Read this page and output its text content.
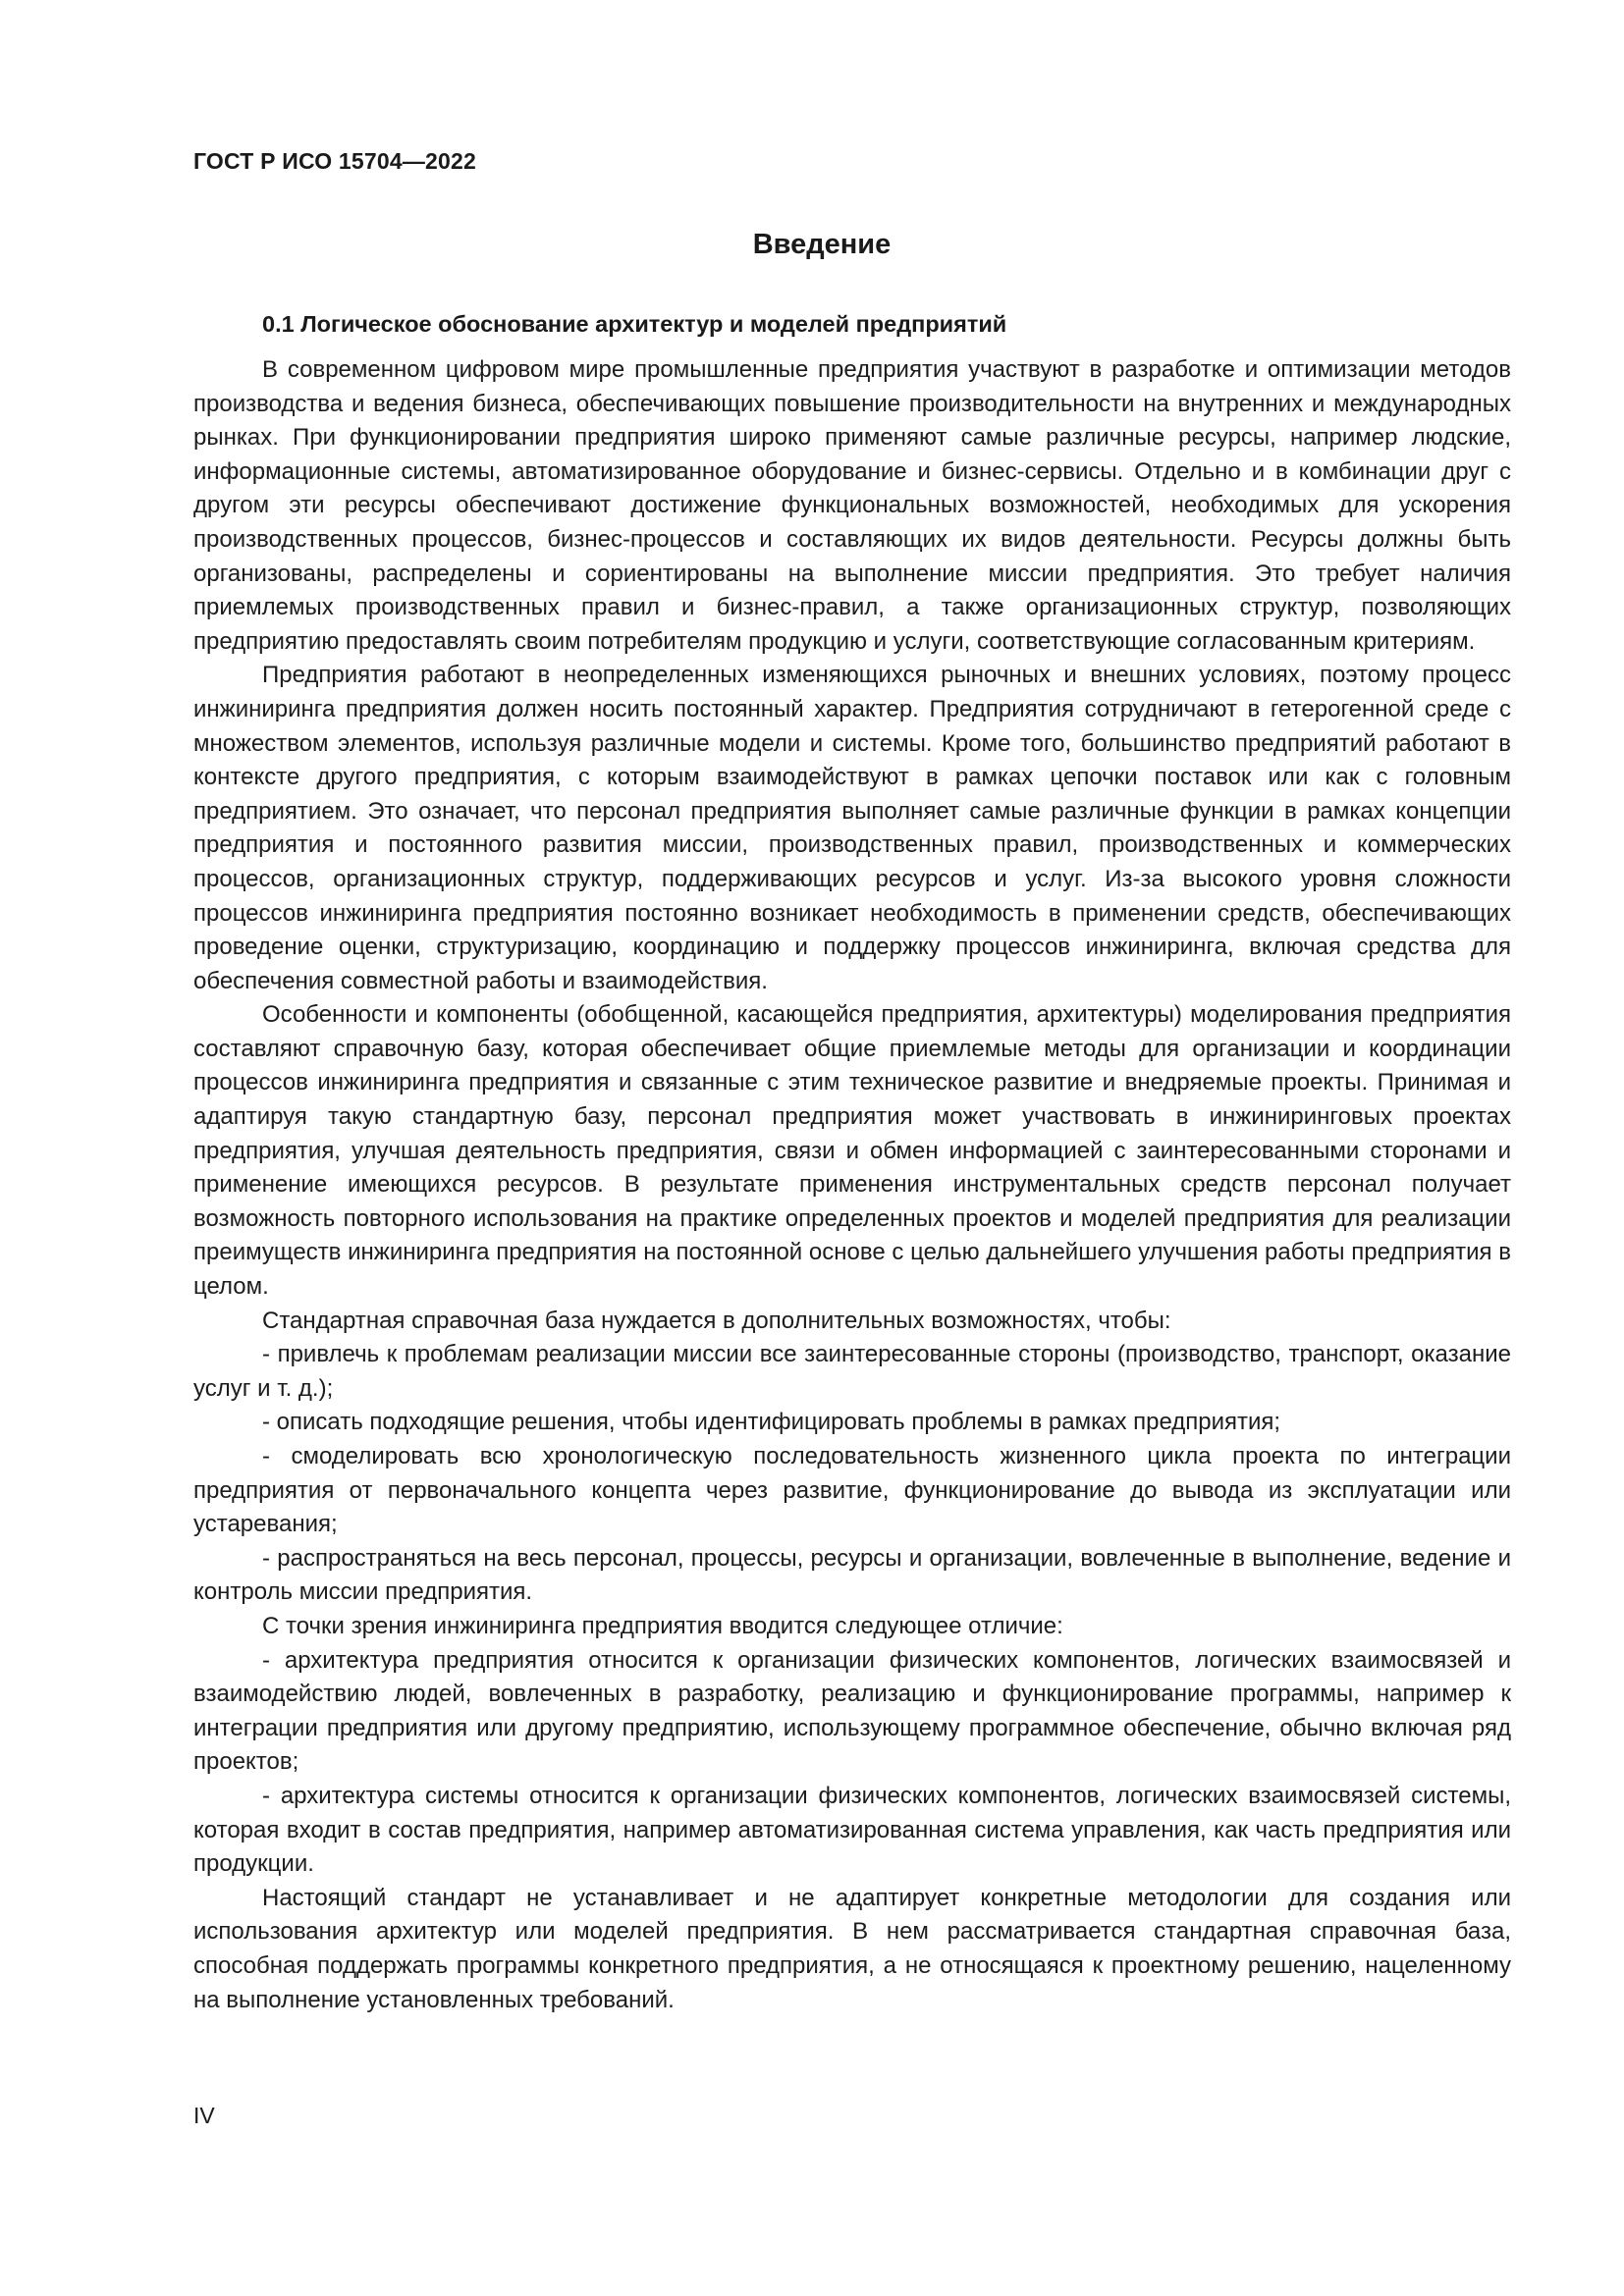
ГОСТ Р ИСО 15704—2022
Введение
0.1 Логическое обоснование архитектур и моделей предприятий

В современном цифровом мире промышленные предприятия участвуют в разработке и оптимизации методов производства и ведения бизнеса, обеспечивающих повышение производительности на внутренних и международных рынках. При функционировании предприятия широко применяют самые различные ресурсы, например людские, информационные системы, автоматизированное оборудование и бизнес-сервисы. Отдельно и в комбинации друг с другом эти ресурсы обеспечивают достижение функциональных возможностей, необходимых для ускорения производственных процессов, бизнес-процессов и составляющих их видов деятельности. Ресурсы должны быть организованы, распределены и сориентированы на выполнение миссии предприятия. Это требует наличия приемлемых производственных правил и бизнес-правил, а также организационных структур, позволяющих предприятию предоставлять своим потребителям продукцию и услуги, соответствующие согласованным критериям.

Предприятия работают в неопределенных изменяющихся рыночных и внешних условиях, поэтому процесс инжиниринга предприятия должен носить постоянный характер. Предприятия сотрудничают в гетерогенной среде с множеством элементов, используя различные модели и системы. Кроме того, большинство предприятий работают в контексте другого предприятия, с которым взаимодействуют в рамках цепочки поставок или как с головным предприятием. Это означает, что персонал предприятия выполняет самые различные функции в рамках концепции предприятия и постоянного развития миссии, производственных правил, производственных и коммерческих процессов, организационных структур, поддерживающих ресурсов и услуг. Из-за высокого уровня сложности процессов инжиниринга предприятия постоянно возникает необходимость в применении средств, обеспечивающих проведение оценки, структуризацию, координацию и поддержку процессов инжиниринга, включая средства для обеспечения совместной работы и взаимодействия.

Особенности и компоненты (обобщенной, касающейся предприятия, архитектуры) моделирования предприятия составляют справочную базу, которая обеспечивает общие приемлемые методы для организации и координации процессов инжиниринга предприятия и связанные с этим техническое развитие и внедряемые проекты. Принимая и адаптируя такую стандартную базу, персонал предприятия может участвовать в инжиниринговых проектах предприятия, улучшая деятельность предприятия, связи и обмен информацией с заинтересованными сторонами и применение имеющихся ресурсов. В результате применения инструментальных средств персонал получает возможность повторного использования на практике определенных проектов и моделей предприятия для реализации преимуществ инжиниринга предприятия на постоянной основе с целью дальнейшего улучшения работы предприятия в целом.

Стандартная справочная база нуждается в дополнительных возможностях, чтобы:

- привлечь к проблемам реализации миссии все заинтересованные стороны (производство, транспорт, оказание услуг и т. д.);

- описать подходящие решения, чтобы идентифицировать проблемы в рамках предприятия;

- смоделировать всю хронологическую последовательность жизненного цикла проекта по интеграции предприятия от первоначального концепта через развитие, функционирование до вывода из эксплуатации или устаревания;

- распространяться на весь персонал, процессы, ресурсы и организации, вовлеченные в выполнение, ведение и контроль миссии предприятия.

С точки зрения инжиниринга предприятия вводится следующее отличие:

- архитектура предприятия относится к организации физических компонентов, логических взаимосвязей и взаимодействию людей, вовлеченных в разработку, реализацию и функционирование программы, например к интеграции предприятия или другому предприятию, использующему программное обеспечение, обычно включая ряд проектов;

- архитектура системы относится к организации физических компонентов, логических взаимосвязей системы, которая входит в состав предприятия, например автоматизированная система управления, как часть предприятия или продукции.

Настоящий стандарт не устанавливает и не адаптирует конкретные методологии для создания или использования архитектур или моделей предприятия. В нем рассматривается стандартная справочная база, способная поддержать программы конкретного предприятия, а не относящаяся к проектному решению, нацеленному на выполнение установленных требований.

IV
